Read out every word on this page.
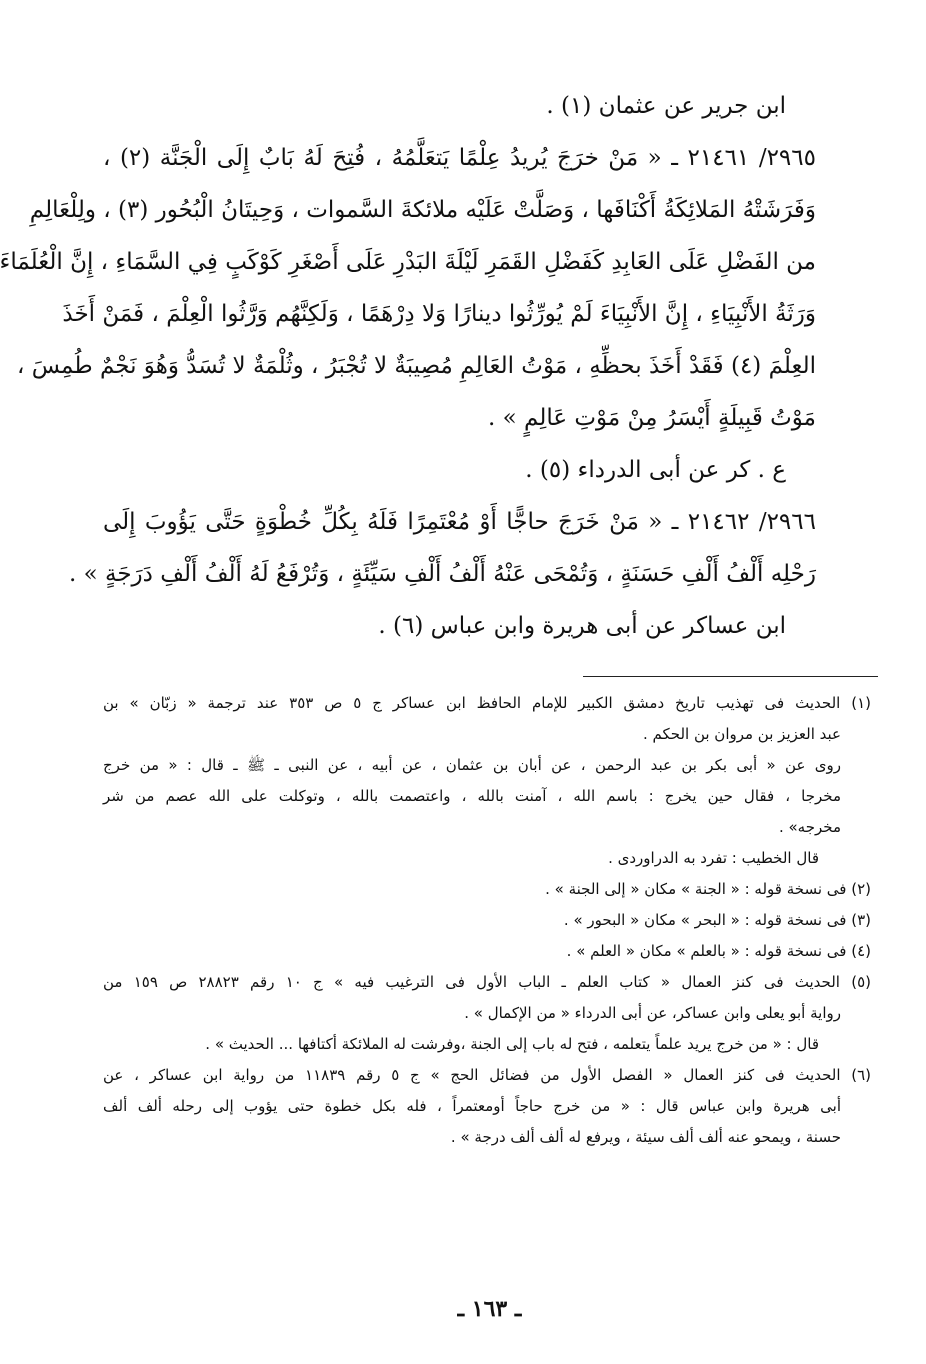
ابن جرير عن عثمان (١) .
٢٩٦٥/ ٢١٤٦١ ـ « مَنْ خرَجَ يُريدُ عِلْمًا يَتعَلَّمُهُ ، فُتِحَ لَهُ بَابٌ إِلَى الْجَنَّة (٢) ،
وَفَرَشَتْهُ المَلائِكَةُ أَكْنَافَها ، وَصَلَّتْ عَلَيْه ملائكةَ السَّموات ، وَحِيتَانُ الْبُحُور (٣) ، ولِلْعَالِمِ
من الفَضْلِ عَلَى العَابِدِ كَفَضْلِ القَمَرِ لَيْلَةَ البَدْرِ عَلَى أَصْغَرِ كَوْكَبٍ فِي السَّمَاءِ ، إِنَّ الْعُلَمَاءَ
وَرَثَةُ الأَنْبِيَاءِ ، إِنَّ الأَنْبِيَاءَ لَمْ يُورِّثُوا دينارًا وَلا دِرْهَمًا ، وَلَكِنَّهُم وَرَّثُوا الْعِلْمَ ، فَمَنْ أَخَذَ
العِلْمَ (٤) فَقَدْ أَخَذَ بحظِّهِ ، مَوْتُ العَالِمِ مُصِيبَةٌ لا تُجْبَرُ ، وثُلْمَةٌ لا تُسَدُّ وَهُوَ نَجْمٌ طُمِسَ ،
مَوْتُ قَبِيلَةٍ أَيْسَرُ مِنْ مَوْتِ عَالِمٍ » .
ع . كر عن أبى الدرداء (٥) .
٢٩٦٦/ ٢١٤٦٢ ـ « مَنْ خَرَجَ حاجًّا أَوْ مُعْتَمِرًا فَلَهُ بِكُلِّ خُطْوَةٍ حَتَّى يَؤُوبَ إِلَى
رَحْلِه أَلْفُ أَلْفِ حَسَنَةٍ ، وَتُمْحَى عَنْهُ أَلْفُ أَلْفِ سَيِّئَةٍ ، وَتُرْفَعُ لَهُ أَلْفُ أَلْفِ دَرَجَةٍ » .
ابن عساكر عن أبى هريرة وابن عباس (٦) .
(١) الحديث فى تهذيب تاريخ دمشق الكبير للإمام الحافظ ابن عساكر ج ٥ ص ٣٥٣ عند ترجمة « زبّان » بن
عبد العزيز بن مروان بن الحكم .
روى عن « أبى بكر بن عبد الرحمن ، عن أبان بن عثمان ، عن أبيه ، عن النبى ـ ﷺ ـ قال : « من خرج
مخرجا ، فقال حين يخرج : باسم الله ، آمنت بالله ، واعتصمت بالله ، وتوكلت على الله عصم من شر
مخرجه» .
قال الخطيب : تفرد به الدراوردى .
(٢) فى نسخة قوله : « الجنة » مكان « إلى الجنة » .
(٣) فى نسخة قوله : « البحر » مكان « البحور » .
(٤) فى نسخة قوله : « بالعلم » مكان « العلم » .
(٥) الحديث فى كنز العمال « كتاب العلم ـ الباب الأول فى الترغيب فيه » ج ١٠ رقم ٢٨٨٢٣ ص ١٥٩ من
رواية أبو يعلى وابن عساكر، عن أبى الدرداء « من الإكمال » .
قال : « من خرج يريد علماً يتعلمه ، فتح له باب إلى الجنة ،وفرشت له الملائكة أكتافها ... الحديث » .
(٦) الحديث فى كنز العمال « الفصل الأول من فضائل الحج » ج ٥ رقم ١١٨٣٩ من رواية ابن عساكر ، عن
أبى هريرة وابن عباس قال : « من خرج حاجاً أومعتمراً ، فله بكل خطوة حتى يؤوب إلى رحله ألف ألف
حسنة ، ويمحو عنه ألف ألف سيئة ، ويرفع له ألف ألف درجة » .
ـ ١٦٣ ـ
